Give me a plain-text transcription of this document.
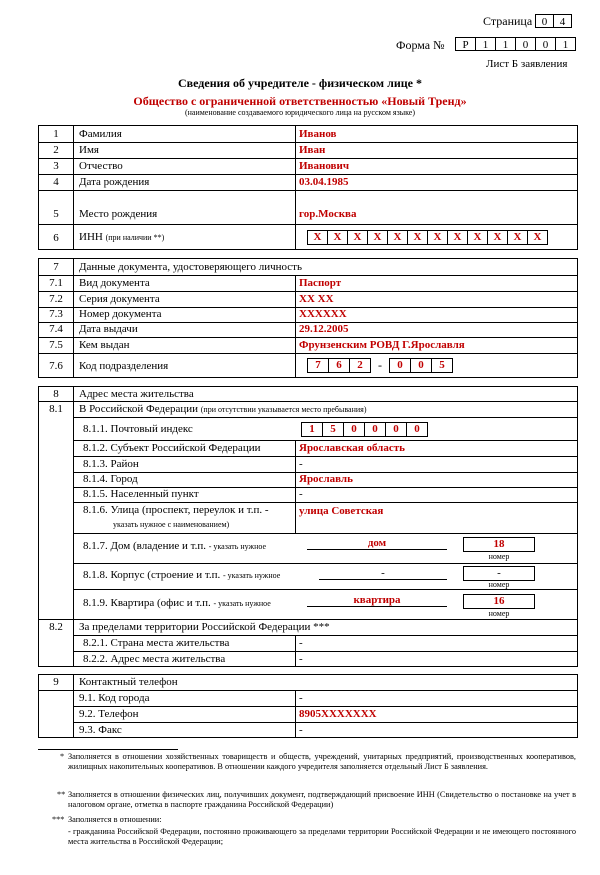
Страница 0	4
Форма №	Р	1	1	0	0	1
Лист Б заявления
Сведения об учредителе - физическом лице *
Общество с ограниченной ответственностью «Новый Тренд»
(наименование создаваемого юридического лица на русском языке)
1	Фамилия	Иванов
2	Имя	Иван
3	Отчество	Иванович
4	Дата рождения	03.04.1985
5	Место рождения	гор.Москва
6	ИНН (при наличии **)	Х	Х	Х	Х	Х	Х	Х	Х	Х	Х	Х	Х
7	Данные документа, удостоверяющего личность
7.1	Вид документа	Паспорт
7.2	Серия документа	ХХ ХХ
7.3	Номер документа	ХХХХХХ
7.4	Дата выдачи	29.12.2005
7.5	Кем выдан	Фрунзенским РОВД Г.Ярославля
7.6	Код подразделения	7	6	2	-	0	0	5
8	Адрес места жительства
8.1	В Российской Федерации (при отсутствии указывается место пребывания)
8.1.1. Почтовый индекс	1	5	0	0	0	0
8.1.2. Субъект Российской Федерации	Ярославская область
8.1.3. Район	-
8.1.4. Город	Ярославль
8.1.5. Населенный пункт	-
8.1.6. Улица (проспект, переулок и т.п. -
указать нужное с наименованием)
улица Советская
8.1.7. Дом (владение и т.п. - указать нужное	дом	18
номер
8.1.8. Корпус (строение и т.п. - указать нужное	-	-
номер
8.1.9. Квартира (офис и т.п. - указать нужное	квартира	16
номер
8.2	За пределами территории Российской Федерации ***
8.2.1. Страна места жительства	-
8.2.2. Адрес места жительства	-
9	Контактный телефон
9.1. Код города	-
9.2. Телефон	8905ХХХХХХХ
9.3. Факс	-
* Заполняется в отношении хозяйственных товариществ и обществ, учреждений, унитарных предприятий, производственных кооперативов, жилищных накопительных кооперативов. В отношении каждого учредителя заполняется отдельный Лист Б заявления.
** Заполняется в отношении физических лиц, получивших документ, подтверждающий присвоение ИНН (Свидетельство о постановке на учет в налоговом органе, отметка в паспорте гражданина Российской Федерации)
*** Заполняется в отношении:
- гражданина Российской Федерации, постоянно проживающего за пределами территории Российской Федерации и не имеющего постоянного места жительства в Российской Федерации;
